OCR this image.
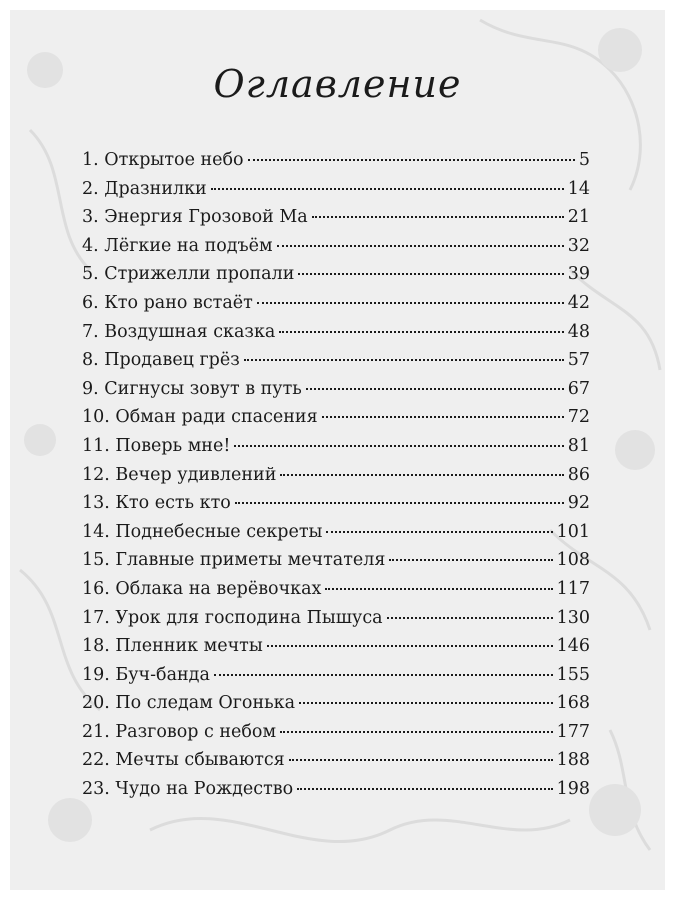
Оглавление
1. Открытое небо	5
2. Дразнилки	14
3. Энергия Грозовой Ма	21
4. Лёгкие на подъём	32
5. Стрижелли пропали	39
6. Кто рано встаёт	42
7. Воздушная сказка	48
8. Продавец грёз	57
9. Сигнусы зовут в путь	67
10. Обман ради спасения	72
11. Поверь мне!	81
12. Вечер удивлений	86
13. Кто есть кто	92
14. Поднебесные секреты	101
15. Главные приметы мечтателя	108
16. Облака на верёвочках	117
17. Урок для господина Пышуса	130
18. Пленник мечты	146
19. Буч-банда	155
20. По следам Огонька	168
21. Разговор с небом	177
22. Мечты сбываются	188
23. Чудо на Рождество	198
